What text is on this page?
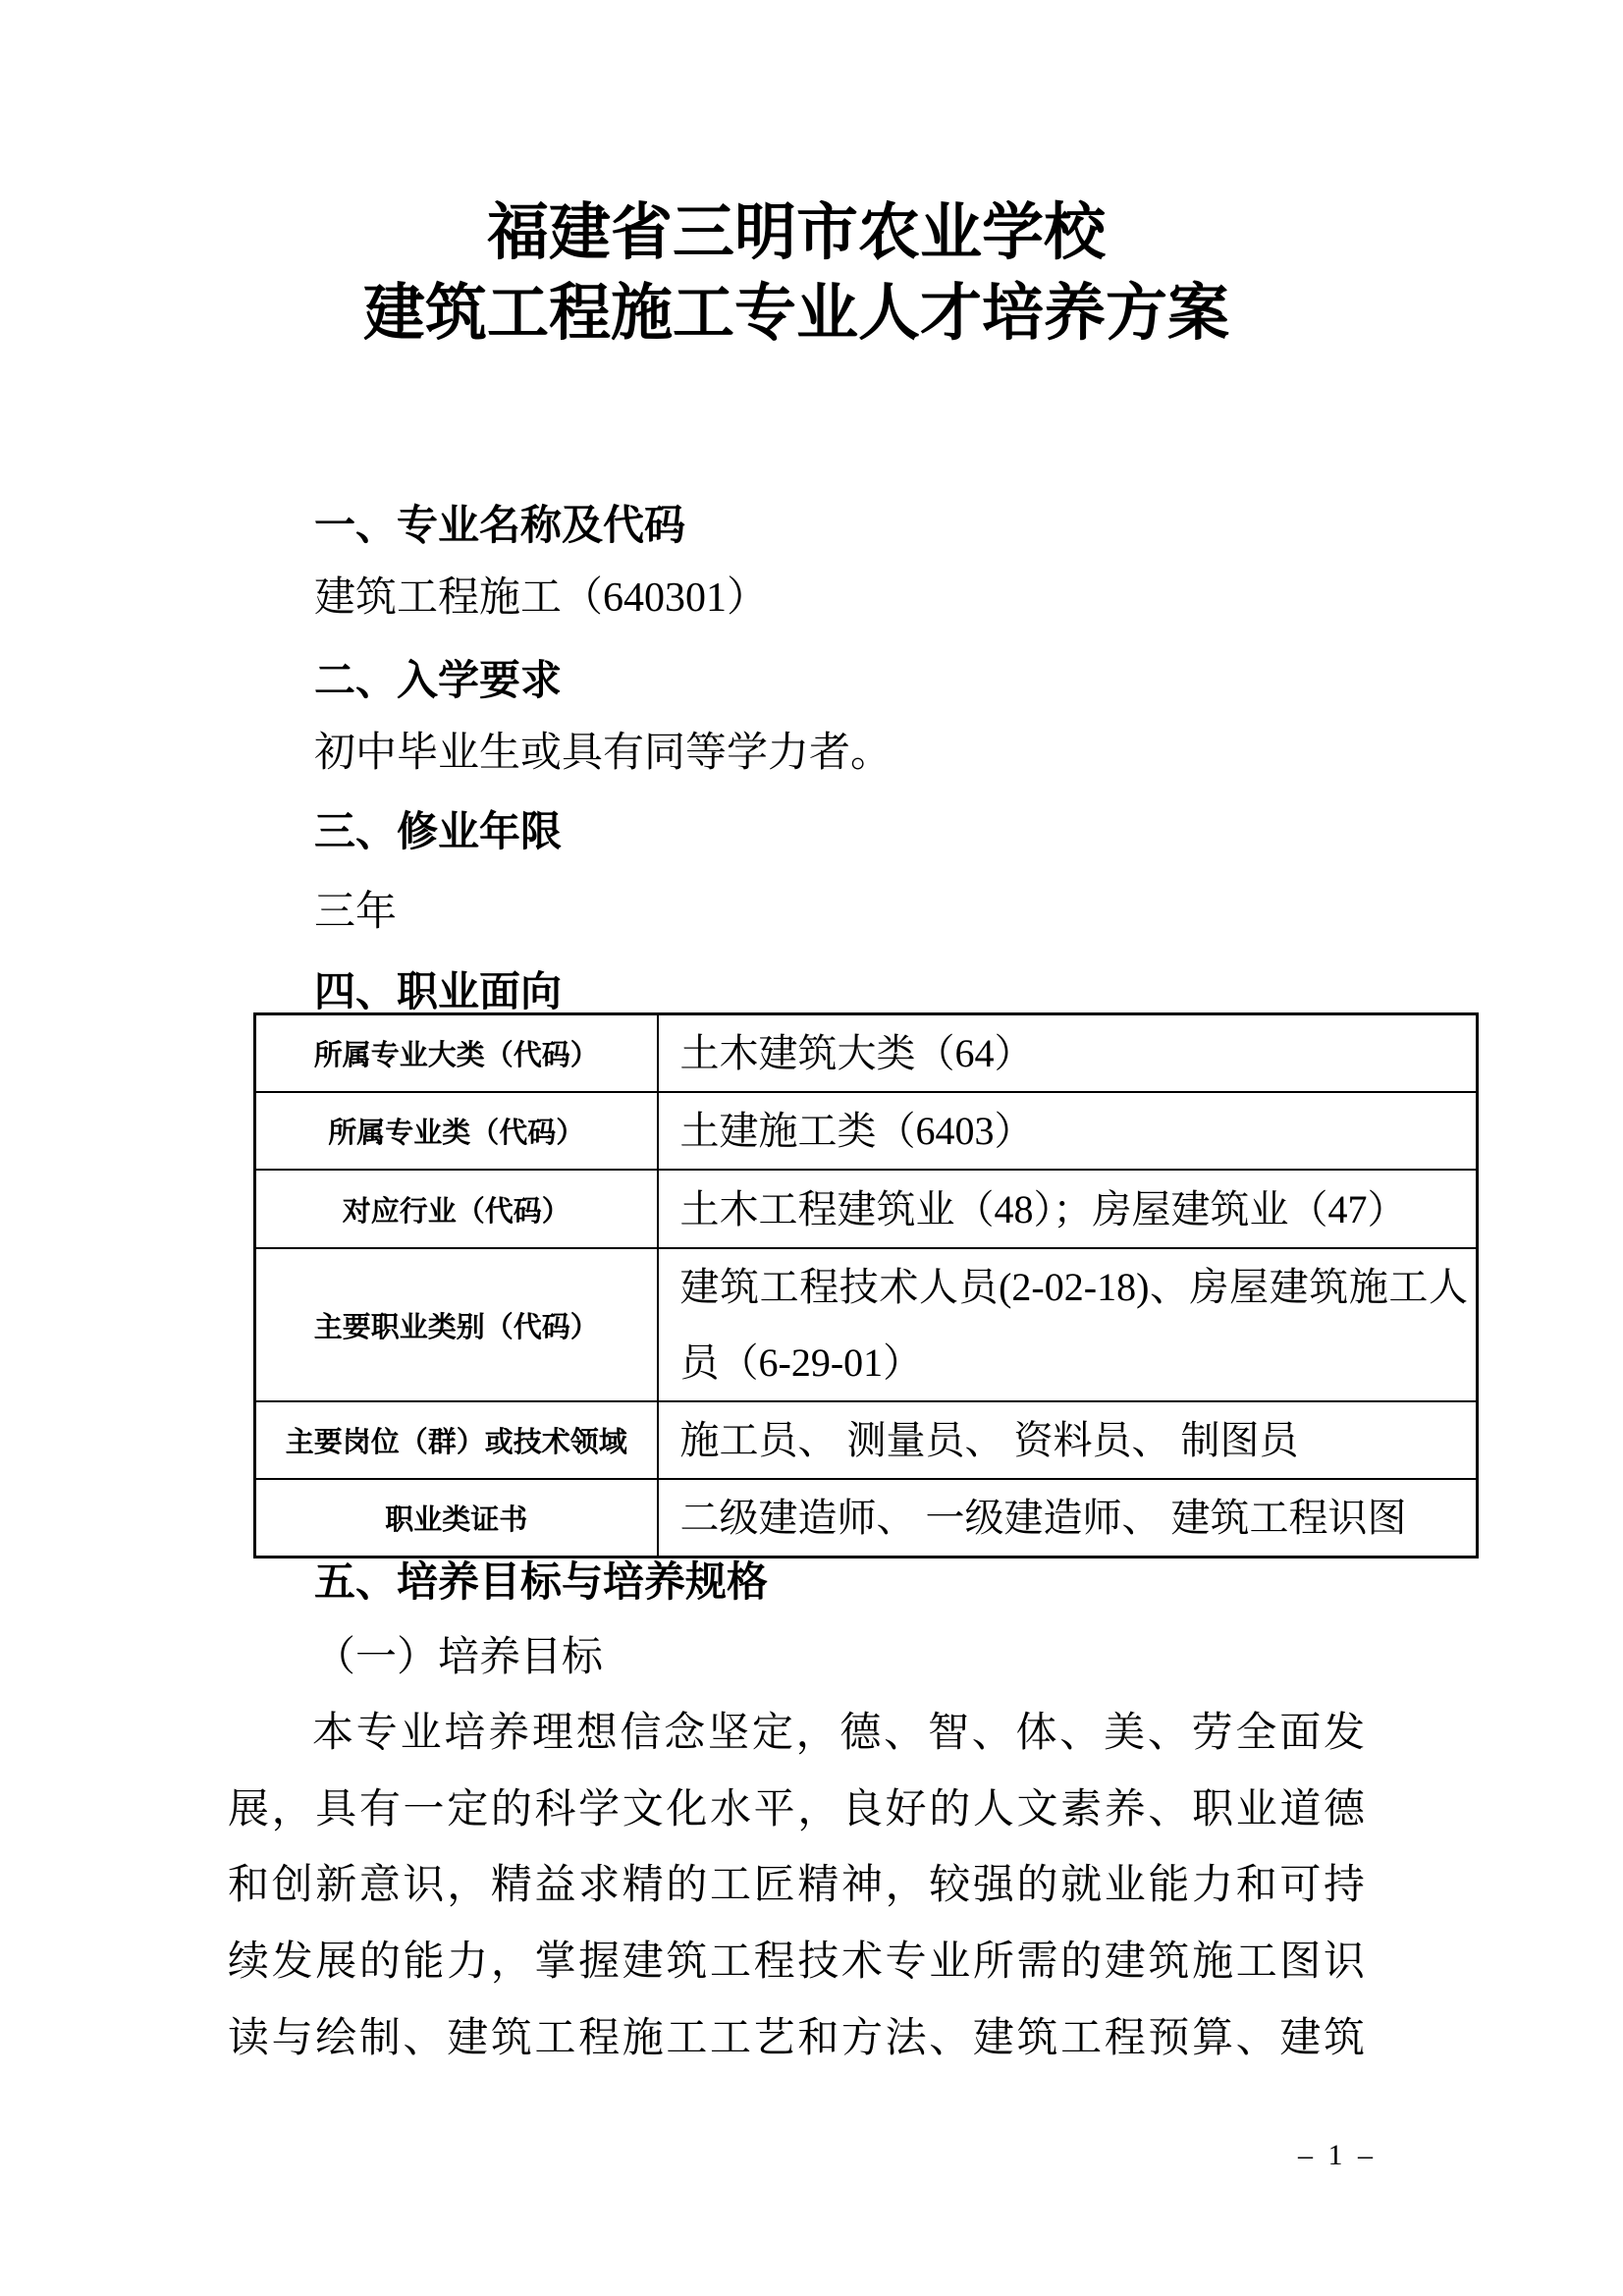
福建省三明市农业学校
建筑工程施工专业人才培养方案
一、专业名称及代码
建筑工程施工（640301）
二、入学要求
初中毕业生或具有同等学力者。
三、修业年限
三年
四、职业面向
所属专业大类（代码）	土木建筑大类（64）
所属专业类（代码）	土建施工类（6403）
对应行业（代码）	土木工程建筑业（48）；房屋建筑业（47）
主要职业类别（代码）	建筑工程技术人员(2-02-18)、房屋建筑施工人员（6-29-01）
主要岗位（群）或技术领域	施工员、 测量员、 资料员、 制图员
职业类证书	二级建造师、 一级建造师、 建筑工程识图
五、培养目标与培养规格
（一）培养目标
本专业培养理想信念坚定，德、智、体、美、劳全面发
展，具有一定的科学文化水平，良好的人文素养、职业道德
和创新意识，精益求精的工匠精神，较强的就业能力和可持
续发展的能力，掌握建筑工程技术专业所需的建筑施工图识
读与绘制、建筑工程施工工艺和方法、建筑工程预算、建筑
– 1 –
